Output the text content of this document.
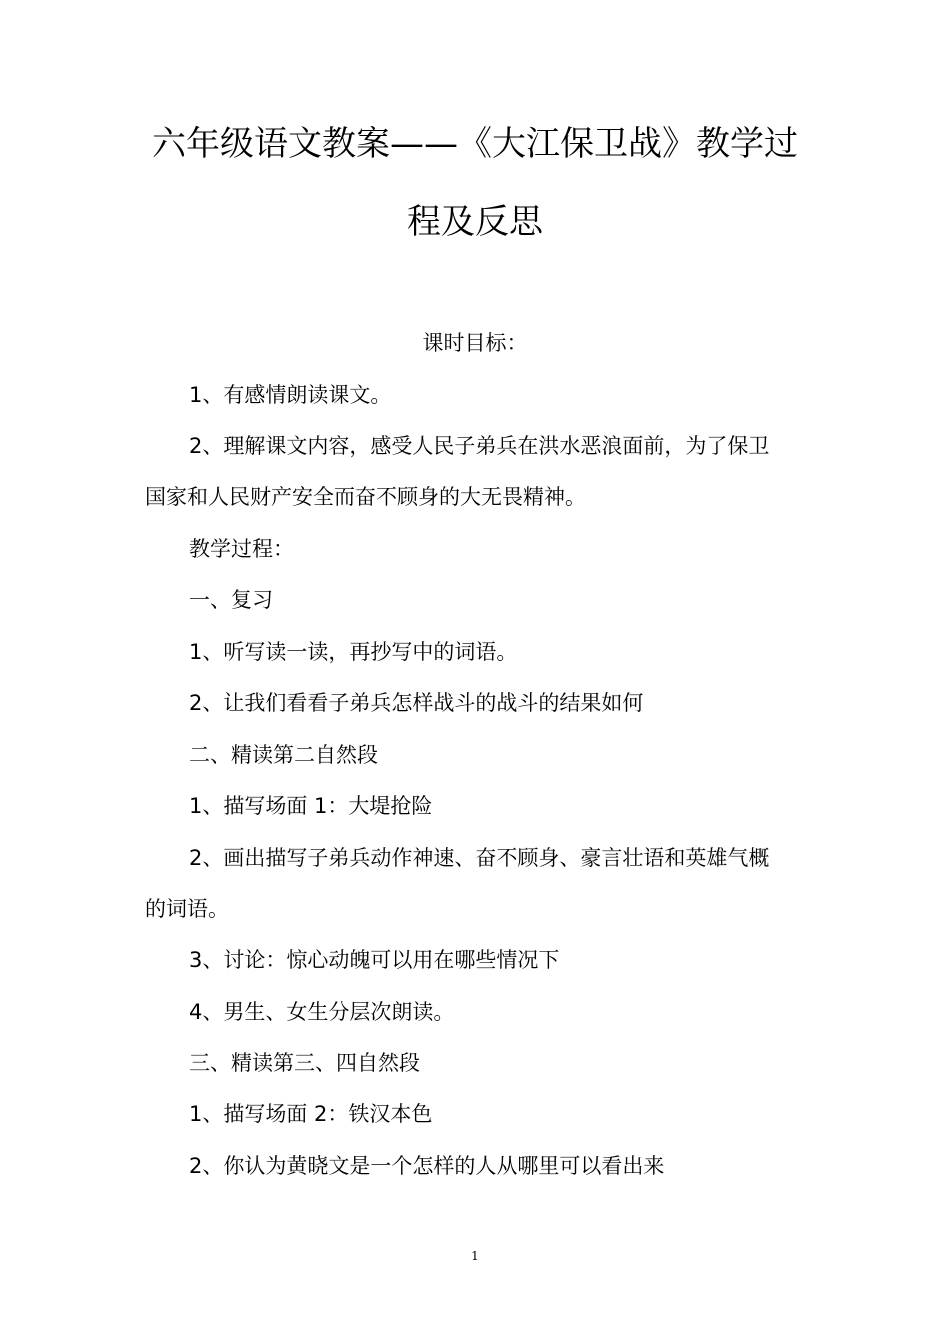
六年级语文教案——《大江保卫战》教学过
程及反思
课时目标：
1、有感情朗读课文。
2、理解课文内容，感受人民子弟兵在洪水恶浪面前，为了保卫
国家和人民财产安全而奋不顾身的大无畏精神。
教学过程：
一、复习
1、听写读一读，再抄写中的词语。
2、让我们看看子弟兵怎样战斗的战斗的结果如何
二、精读第二自然段
1、描写场面 1：大堤抢险
2、画出描写子弟兵动作神速、奋不顾身、豪言壮语和英雄气概
的词语。
3、讨论：惊心动魄可以用在哪些情况下
4、男生、女生分层次朗读。
三、精读第三、四自然段
1、描写场面 2：铁汉本色
2、你认为黄晓文是一个怎样的人从哪里可以看出来
1
